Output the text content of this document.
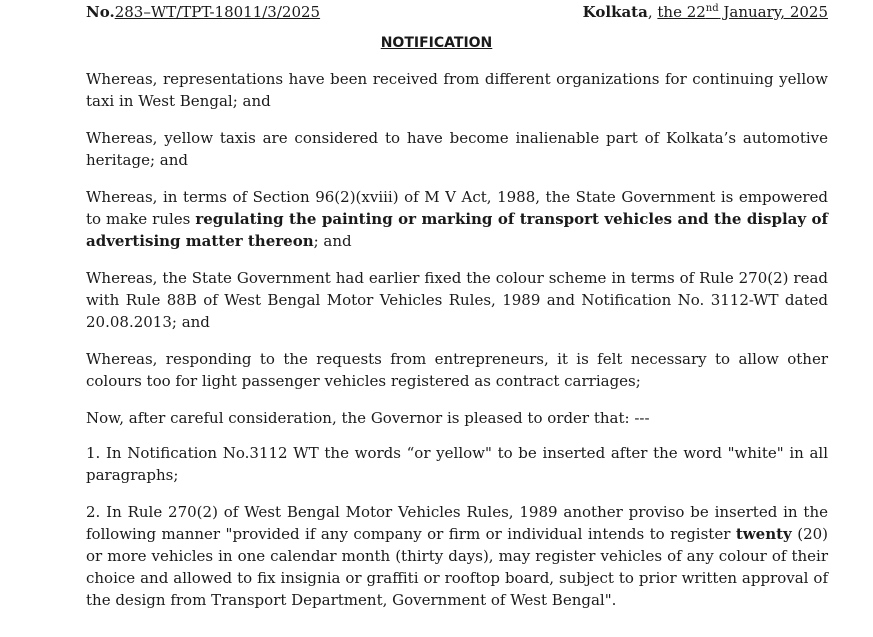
No.283–WT/TPT-18011/3/2025	Kolkata, the 22nd January, 2025
NOTIFICATION

Whereas, representations have been received from different organizations for continuing yellow taxi in West Bengal; and

Whereas, yellow taxis are considered to have become inalienable part of Kolkata’s automotive heritage; and

Whereas, in terms of Section 96(2)(xviii) of M V Act, 1988, the State Government is empowered to make rules regulating the painting or marking of transport vehicles and the display of advertising matter thereon; and

Whereas, the State Government had earlier fixed the colour scheme in terms of Rule 270(2) read with Rule 88B of West Bengal Motor Vehicles Rules, 1989 and Notification No. 3112-WT dated 20.08.2013; and

Whereas, responding to the requests from entrepreneurs, it is felt necessary to allow other colours too for light passenger vehicles registered as contract carriages;

Now, after careful consideration, the Governor is pleased to order that: ---

1. In Notification No.3112 WT the words “or yellow" to be inserted after the word "white" in all paragraphs;

2. In Rule 270(2) of West Bengal Motor Vehicles Rules, 1989 another proviso be inserted in the following manner "provided if any company or firm or individual intends to register twenty (20) or more vehicles in one calendar month (thirty days), may register vehicles of any colour of their choice and allowed to fix insignia or graffiti or rooftop board, subject to prior written approval of the design from Transport Department, Government of West Bengal".
